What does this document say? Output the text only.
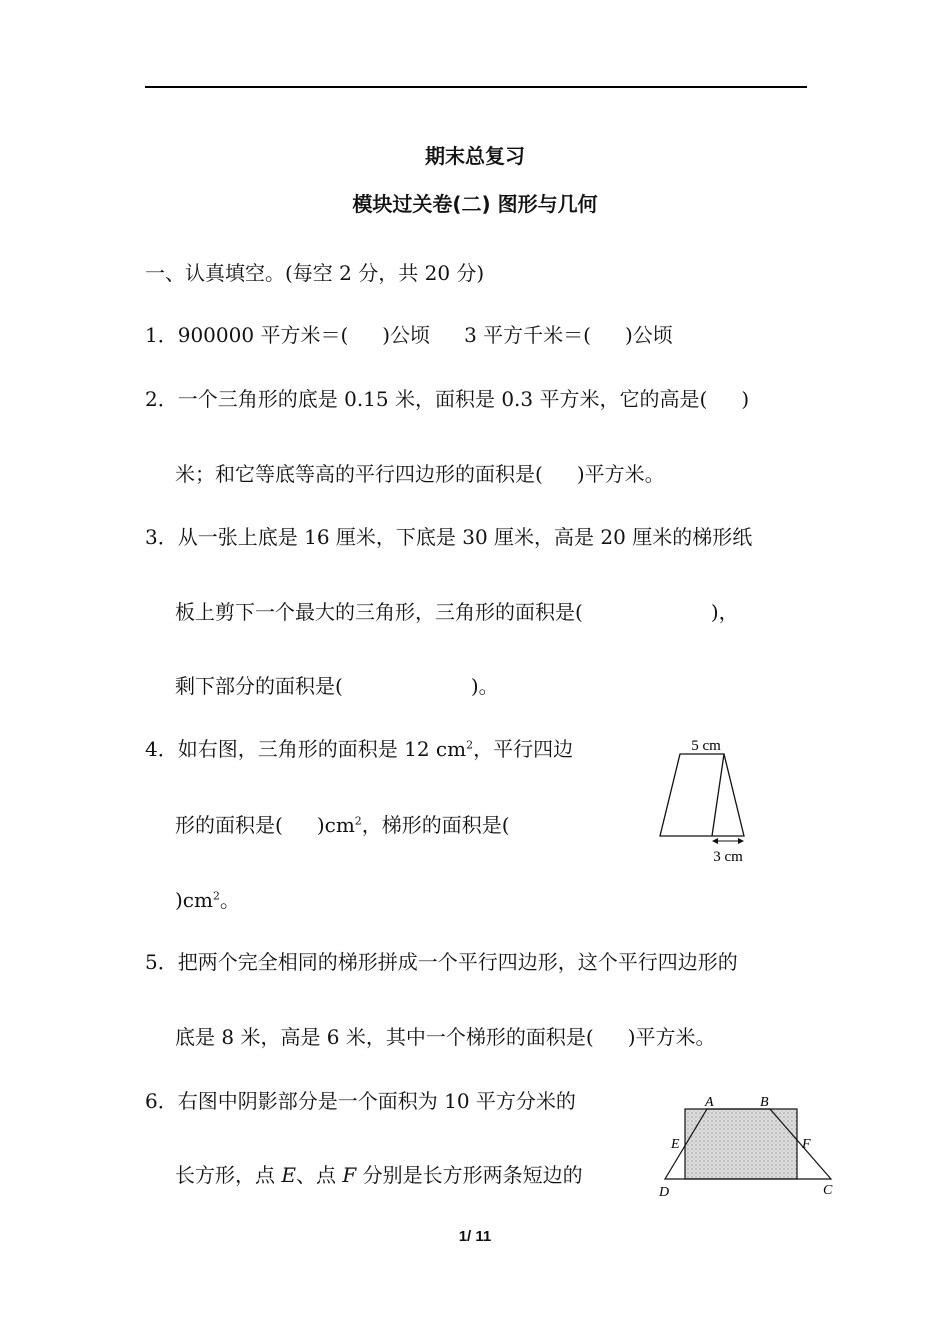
期末总复习
模块过关卷(二) 图形与几何
一、认真填空。(每空 2 分，共 20 分)
1．900000 平方米＝( )公顷 3 平方千米＝( )公顷
2．一个三角形的底是 0.15 米，面积是 0.3 平方米，它的高是( )
米；和它等底等高的平行四边形的面积是( )平方米。
3．从一张上底是 16 厘米，下底是 30 厘米，高是 20 厘米的梯形纸
板上剪下一个最大的三角形，三角形的面积是(	)，
剩下部分的面积是(	)。
4．如右图，三角形的面积是 12 $cm^2$，平行四边
形的面积是( )$cm^2$，梯形的面积是(
)$cm^2$。
5 cm
3 cm
5．把两个完全相同的梯形拼成一个平行四边形，这个平行四边形的
底是 8 米，高是 6 米，其中一个梯形的面积是( )平方米。
6．右图中阴影部分是一个面积为 10 平方分米的
长方形，点 E、点 F 分别是长方形两条短边的
A	B
E	F
D	C
1/ 11
